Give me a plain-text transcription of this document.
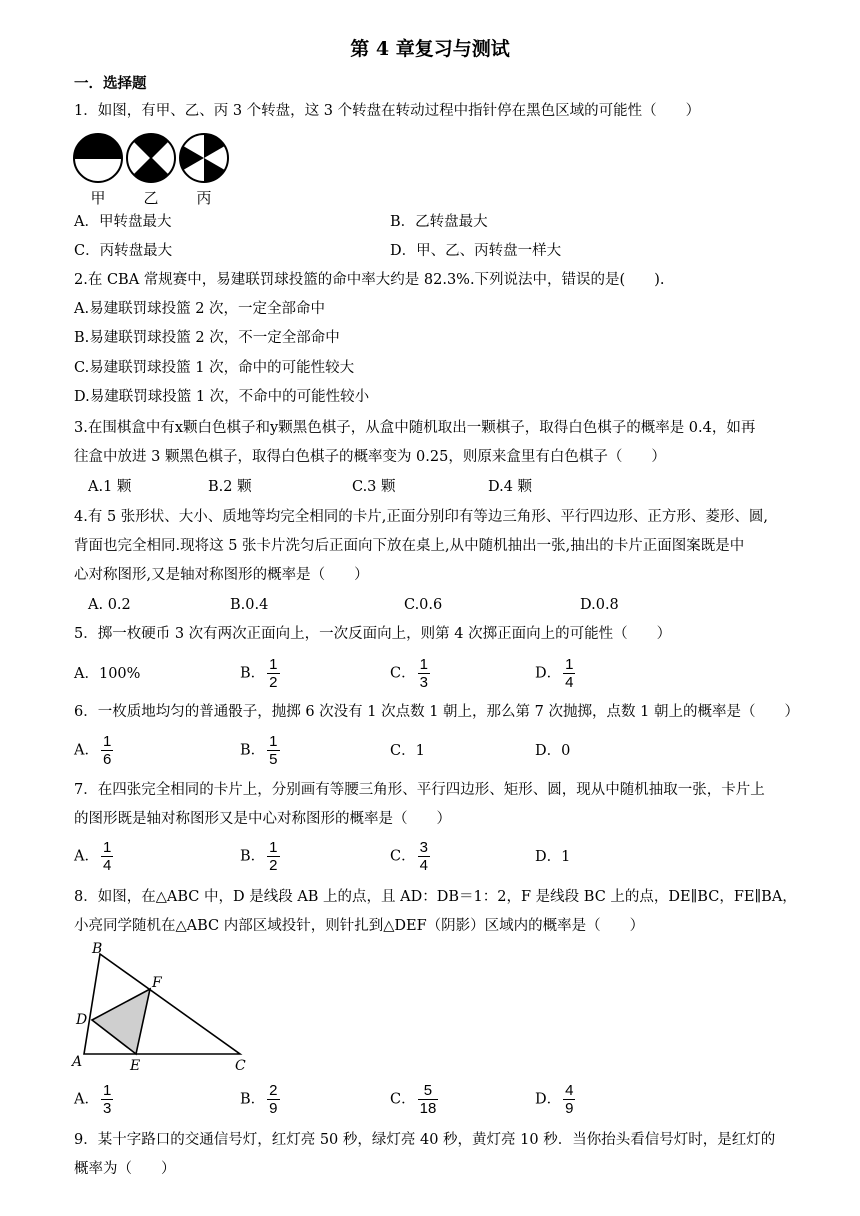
第 4 章复习与测试
一．选择题
1．如图，有甲、乙、丙 3 个转盘，这 3 个转盘在转动过程中指针停在黑色区域的可能性（　　）
甲	乙	丙
A．甲转盘最大	B．乙转盘最大
C．丙转盘最大	D．甲、乙、丙转盘一样大
2.在 CBA 常规赛中，易建联罚球投篮的命中率大约是 82.3%.下列说法中，错误的是(　　).
A.易建联罚球投篮 2 次，一定全部命中
B.易建联罚球投篮 2 次，不一定全部命中
C.易建联罚球投篮 1 次，命中的可能性较大
D.易建联罚球投篮 1 次，不命中的可能性较小
3.在围棋盒中有x颗白色棋子和y颗黑色棋子，从盒中随机取出一颗棋子，取得白色棋子的概率是 0.4，如再
往盒中放进 3 颗黑色棋子，取得白色棋子的概率变为 0.25，则原来盒里有白色棋子（　　）
A.1 颗	B.2 颗	C.3 颗	D.4 颗
4.有 5 张形状、大小、质地等均完全相同的卡片,正面分别印有等边三角形、平行四边形、正方形、菱形、圆,
背面也完全相同.现将这 5 张卡片洗匀后正面向下放在桌上,从中随机抽出一张,抽出的卡片正面图案既是中
心对称图形,又是轴对称图形的概率是（　　）
A. 0.2	B.0.4	C.0.6	D.0.8
5．掷一枚硬币 3 次有两次正面向上，一次反面向上，则第 4 次掷正面向上的可能性（　　）
A．100%	B． $\frac{1}{2}$	C． $\frac{1}{3}$	D． $\frac{1}{4}$
6．一枚质地均匀的普通骰子，抛掷 6 次没有 1 次点数 1 朝上，那么第 7 次抛掷，点数 1 朝上的概率是（　　）
A． $\frac{1}{6}$	B． $\frac{1}{5}$	C．1	D．0
7．在四张完全相同的卡片上，分别画有等腰三角形、平行四边形、矩形、圆，现从中随机抽取一张，卡片上
的图形既是轴对称图形又是中心对称图形的概率是（　　）
A． $\frac{1}{4}$	B． $\frac{1}{2}$	C． $\frac{3}{4}$	D．1
8．如图，在△ABC 中，D 是线段 AB 上的点，且 AD：DB＝1：2，F 是线段 BC 上的点，DE∥BC，FE∥BA，
小亮同学随机在△ABC 内部区域投针，则针扎到△DEF（阴影）区域内的概率是（　　）
B
F
D
A	E	C
A． $\frac{1}{3}$	B． $\frac{2}{9}$	C． $\frac{5}{18}$	D． $\frac{4}{9}$
9．某十字路口的交通信号灯，红灯亮 50 秒，绿灯亮 40 秒，黄灯亮 10 秒．当你抬头看信号灯时，是红灯的
概率为（　　）
